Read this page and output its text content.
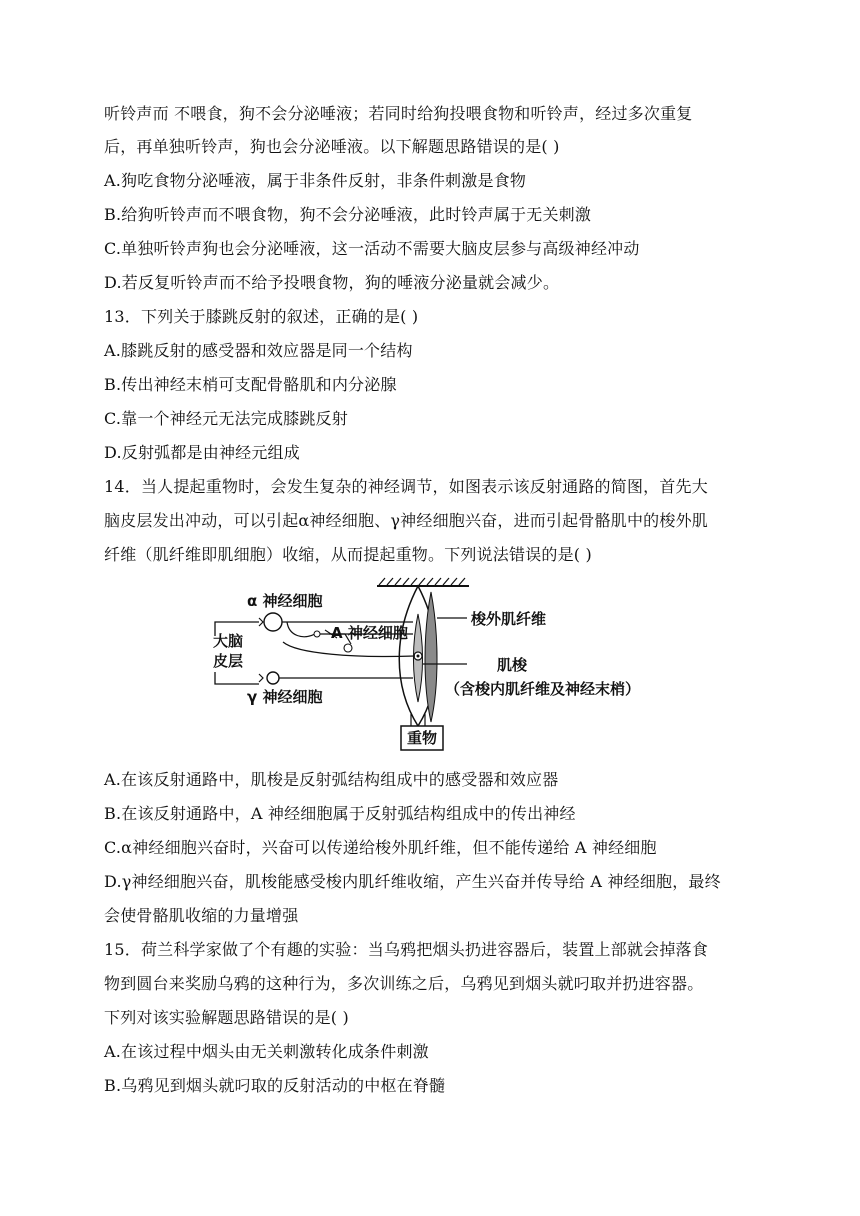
听铃声而 不喂食，狗不会分泌唾液；若同时给狗投喂食物和听铃声，经过多次重复
后，再单独听铃声，狗也会分泌唾液。以下解题思路错误的是( )
A.狗吃食物分泌唾液，属于非条件反射，非条件刺激是食物
B.给狗听铃声而不喂食物，狗不会分泌唾液，此时铃声属于无关刺激
C.单独听铃声狗也会分泌唾液，这一活动不需要大脑皮层参与高级神经冲动
D.若反复听铃声而不给予投喂食物，狗的唾液分泌量就会减少。
13．下列关于膝跳反射的叙述，正确的是( )
A.膝跳反射的感受器和效应器是同一个结构
B.传出神经末梢可支配骨骼肌和内分泌腺
C.靠一个神经元无法完成膝跳反射
D.反射弧都是由神经元组成
14．当人提起重物时，会发生复杂的神经调节，如图表示该反射通路的简图，首先大
脑皮层发出冲动，可以引起α神经细胞、γ神经细胞兴奋，进而引起骨骼肌中的梭外肌
纤维（肌纤维即肌细胞）收缩，从而提起重物。下列说法错误的是( )
重物
大脑
皮层
α 神经细胞
A 神经细胞
γ 神经细胞
梭外肌纤维
肌梭
（含梭内肌纤维及神经末梢）
A.在该反射通路中，肌梭是反射弧结构组成中的感受器和效应器
B.在该反射通路中，A 神经细胞属于反射弧结构组成中的传出神经
C.α神经细胞兴奋时，兴奋可以传递给梭外肌纤维，但不能传递给 A 神经细胞
D.γ神经细胞兴奋，肌梭能感受梭内肌纤维收缩，产生兴奋并传导给 A 神经细胞，最终
会使骨骼肌收缩的力量增强
15．荷兰科学家做了个有趣的实验：当乌鸦把烟头扔进容器后，装置上部就会掉落食
物到圆台来奖励乌鸦的这种行为，多次训练之后，乌鸦见到烟头就叼取并扔进容器。
下列对该实验解题思路错误的是( )
A.在该过程中烟头由无关刺激转化成条件刺激
B.乌鸦见到烟头就叼取的反射活动的中枢在脊髓
